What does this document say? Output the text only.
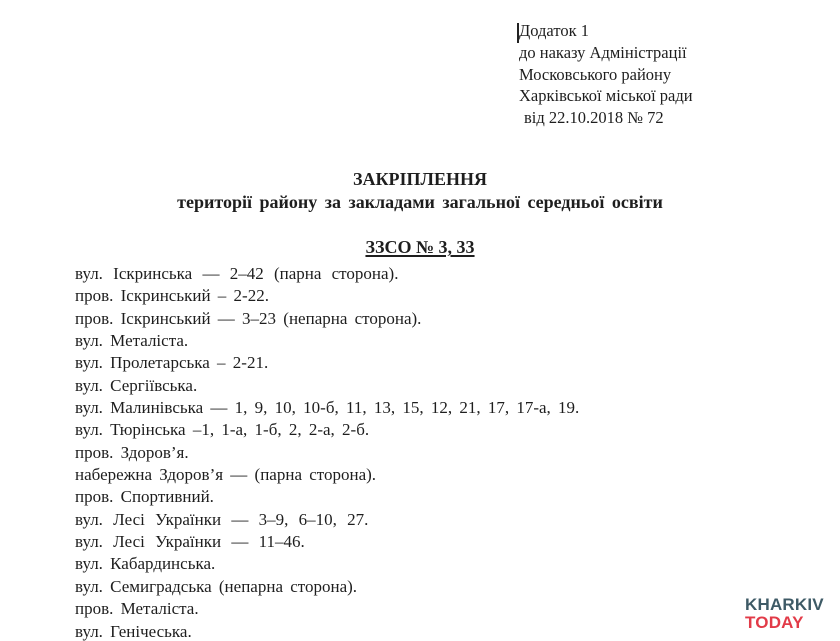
Додаток 1
до наказу Адміністрації
Московського району
Харківської міської ради
від 22.10.2018 № 72
ЗАКРІПЛЕННЯ
території району за закладами загальної середньої освіти
ЗЗСО № 3, 33
вул. Іскринська — 2–42 (парна сторона).
пров. Іскринський – 2-22.
пров. Іскринський — 3–23 (непарна сторона).
вул. Металіста.
вул. Пролетарська – 2-21.
вул. Сергіївська.
вул. Малинівська — 1, 9, 10, 10-б, 11, 13, 15, 12, 21, 17, 17-а, 19.
вул. Тюрінська –1, 1-а, 1-б, 2, 2-а, 2-б.
пров. Здоров’я.
набережна Здоров’я — (парна сторона).
пров. Спортивний.
вул. Лесі Українки — 3–9, 6–10, 27.
вул. Лесі Українки — 11–46.
вул. Кабардинська.
вул. Семиградська (непарна сторона).
пров. Металіста.
вул. Генічеська.
KHARKIV
TODAY
